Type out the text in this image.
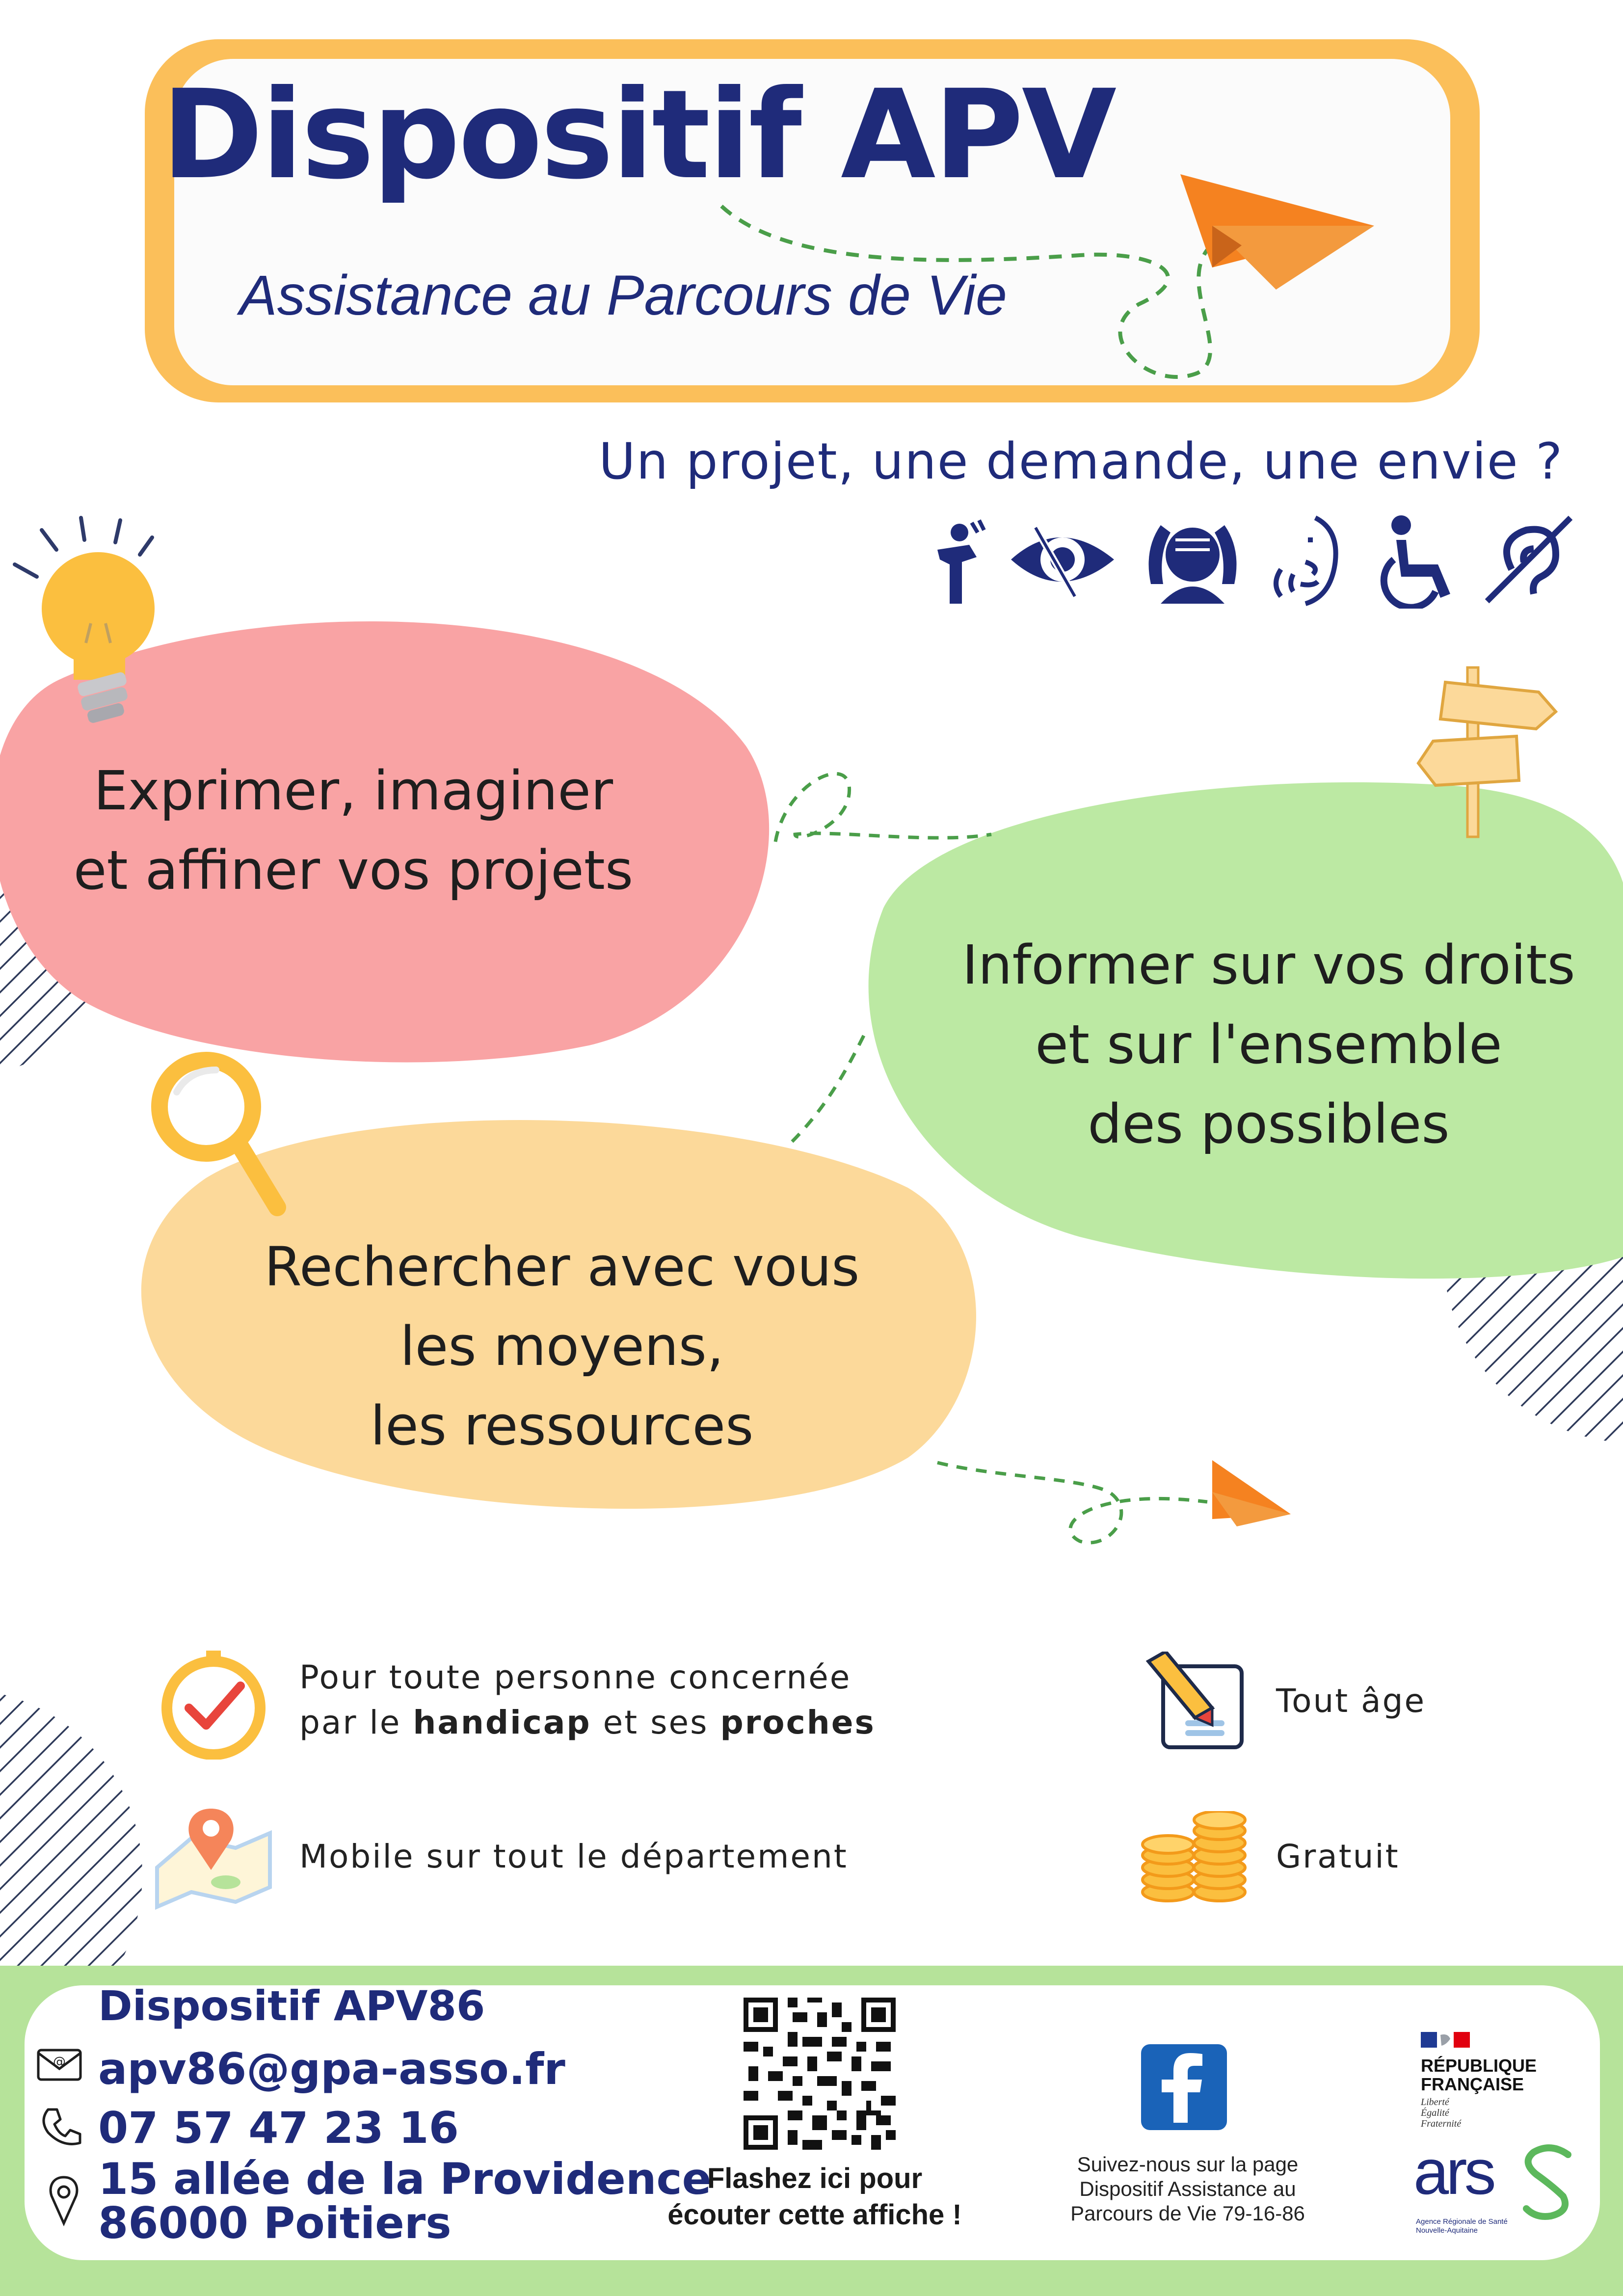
Dispositif APV
Assistance au Parcours de Vie
Un projet, une demande, une envie ?
Exprimer, imaginer
et affiner vos projets
Informer sur vos droits
et sur l'ensemble
des possibles
Rechercher avec vous
les moyens,
les ressources
Pour toute personne concernée
par le handicap et ses proches
Tout âge
Mobile sur tout le département	Gratuit
Dispositif APV86
@ apv86@gpa-asso.fr
07 57 47 23 16
15 allée de la Providence
86000 Poitiers
Flashez ici pour
écouter cette affiche !
Suivez-nous sur la page
Dispositif Assistance au
Parcours de Vie 79-16-86
RÉPUBLIQUE
FRANÇAISE
Liberté
Égalité
Fraternité
ars
Agence Régionale de Santé
Nouvelle-Aquitaine
